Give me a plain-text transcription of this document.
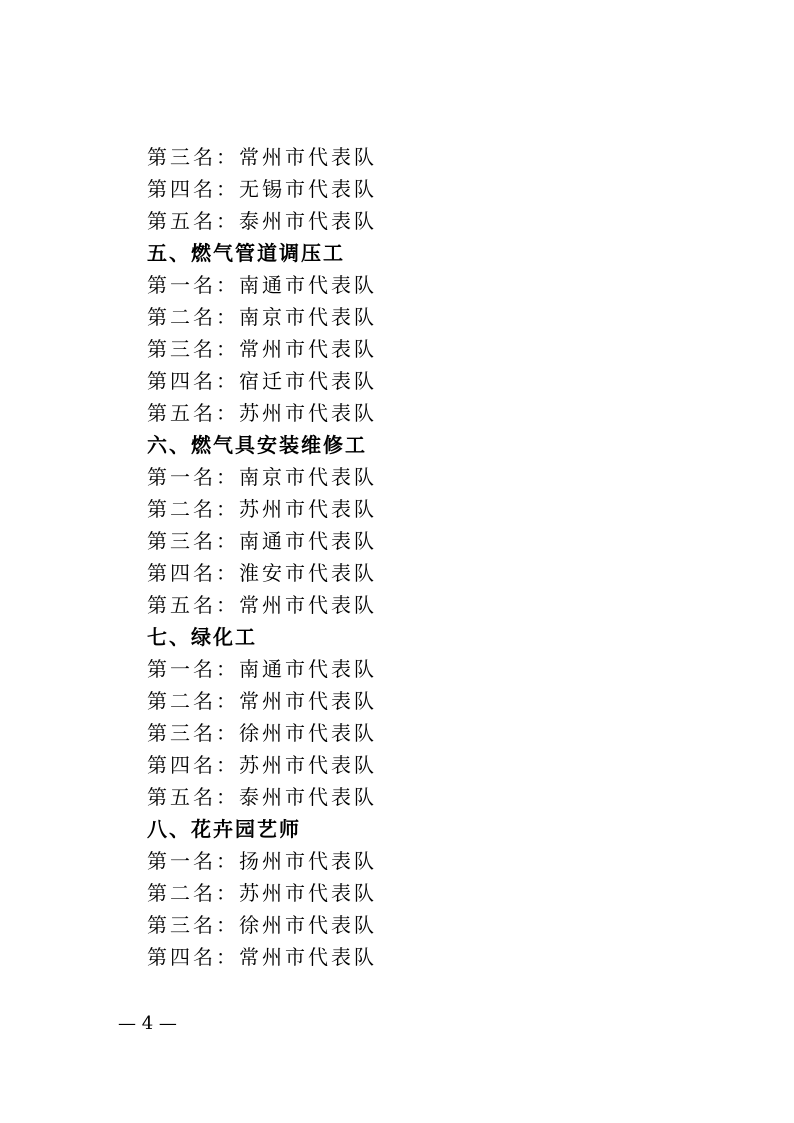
第三名：常州市代表队
第四名：无锡市代表队
第五名：泰州市代表队
五、燃气管道调压工
第一名：南通市代表队
第二名：南京市代表队
第三名：常州市代表队
第四名：宿迁市代表队
第五名：苏州市代表队
六、燃气具安装维修工
第一名：南京市代表队
第二名：苏州市代表队
第三名：南通市代表队
第四名：淮安市代表队
第五名：常州市代表队
七、绿化工
第一名：南通市代表队
第二名：常州市代表队
第三名：徐州市代表队
第四名：苏州市代表队
第五名：泰州市代表队
八、花卉园艺师
第一名：扬州市代表队
第二名：苏州市代表队
第三名：徐州市代表队
第四名：常州市代表队
— 4 —
